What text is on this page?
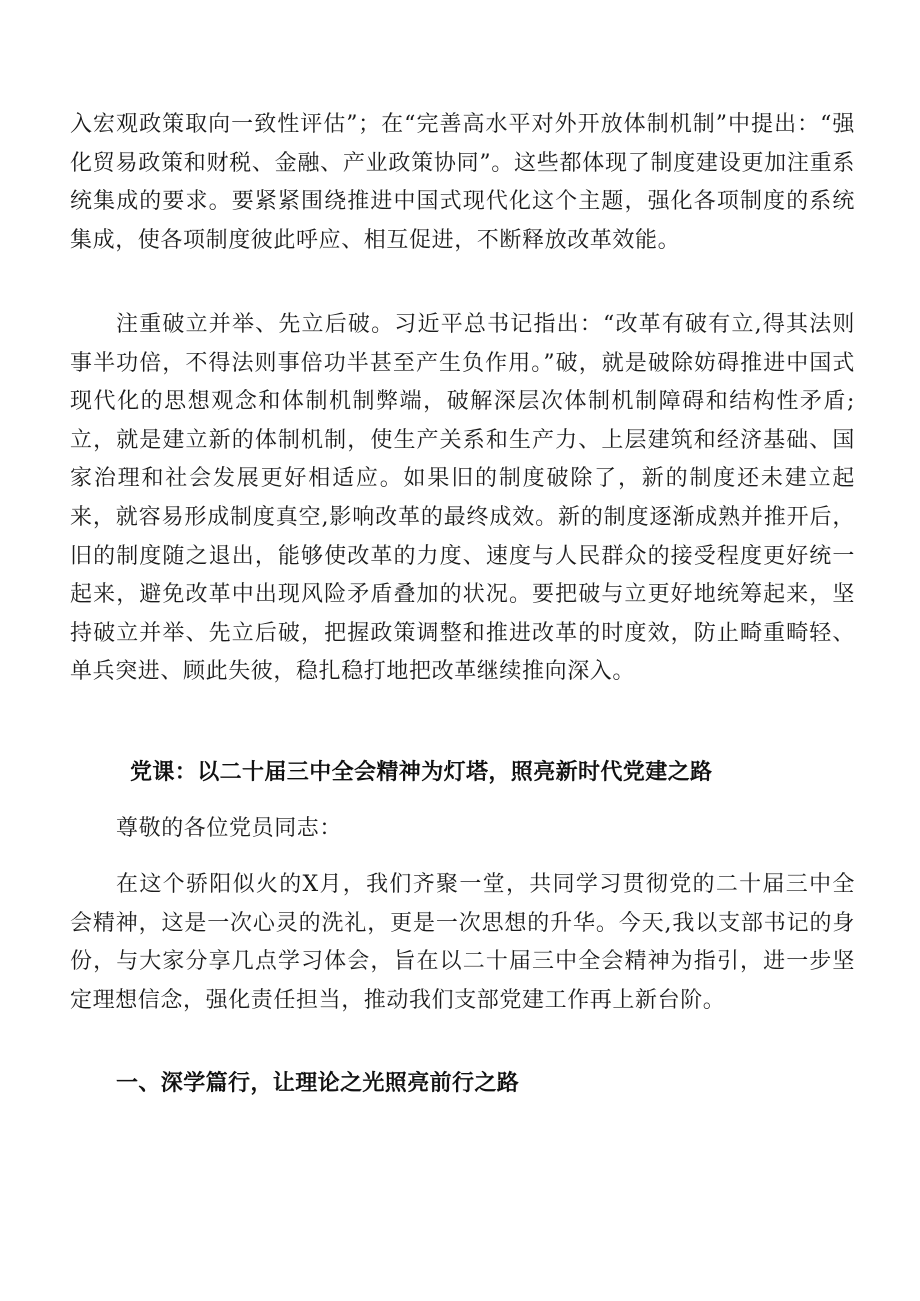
入宏观政策取向一致性评估”；在“完善高水平对外开放体制机制”中提出：“强化贸易政策和财税、金融、产业政策协同”。这些都体现了制度建设更加注重系统集成的要求。要紧紧围绕推进中国式现代化这个主题，强化各项制度的系统集成，使各项制度彼此呼应、相互促进，不断释放改革效能。

注重破立并举、先立后破。习近平总书记指出：“改革有破有立,得其法则事半功倍，不得法则事倍功半甚至产生负作用。”破，就是破除妨碍推进中国式现代化的思想观念和体制机制弊端，破解深层次体制机制障碍和结构性矛盾;立，就是建立新的体制机制，使生产关系和生产力、上层建筑和经济基础、国家治理和社会发展更好相适应。如果旧的制度破除了，新的制度还未建立起来，就容易形成制度真空,影响改革的最终成效。新的制度逐渐成熟并推开后，旧的制度随之退出，能够使改革的力度、速度与人民群众的接受程度更好统一起来，避免改革中出现风险矛盾叠加的状况。要把破与立更好地统筹起来，坚持破立并举、先立后破，把握政策调整和推进改革的时度效，防止畸重畸轻、单兵突进、顾此失彼，稳扎稳打地把改革继续推向深入。

党课：以二十届三中全会精神为灯塔，照亮新时代党建之路

尊敬的各位党员同志：

在这个骄阳似火的X月，我们齐聚一堂，共同学习贯彻党的二十届三中全会精神，这是一次心灵的洗礼，更是一次思想的升华。今天,我以支部书记的身份，与大家分享几点学习体会，旨在以二十届三中全会精神为指引，进一步坚定理想信念，强化责任担当，推动我们支部党建工作再上新台阶。

一、深学篇行，让理论之光照亮前行之路
